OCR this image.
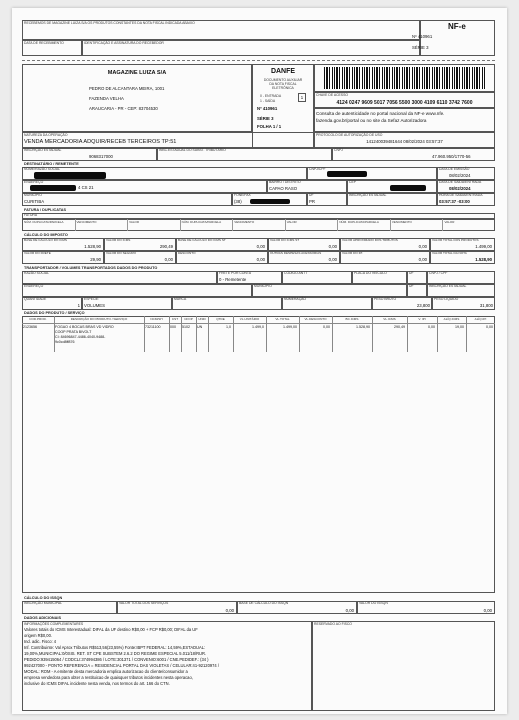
RECEBEMOS DE MAGAZINE LUIZA S/A OS PRODUTOS CONSTANTES DA NOTA FISCAL INDICADA ABAIXO
DATA DE RECEBIMENTO	IDENTIFICAÇÃO E ASSINATURA DO RECEBEDOR
NF-e
Nº 410961
SÉRIE 3
MAGAZINE LUIZA S/A
PEDRO DE ALCANTARA MEIRA, 1001
FAZENDA VELHA
ARAUCARIA - PR - CEP: 83704530
DANFE
DOCUMENTO AUXILIAR
DA NOTA FISCAL
ELETRÔNICA
0 - ENTRADA
1 - SAÍDA
1
Nº 410961
SÉRIE 3
FOLHA 1 / 1
CHAVE DE ACESSO
4124 0247 9609 5017 7056 5500 3000 4109 6110 3742 7600
Consulta de autenticidade no portal nacional da NF-e www.nfe.
fazenda.gov.br/portal ou no site da Sefaz Autorizadora
NATUREZA DA OPERAÇÃO
VENDA MERCADORIA ADQUIR/RECEB TERCEIROS TP:51
PROTOCOLO DE AUTORIZAÇÃO DE USO
141240039481644 08/02/2024 03:57:37
INSCRIÇÃO ESTADUAL
9068317000
INSC.ESTADUAL DO SUBST. TRIBUTÁRIO	CNPJ
47.960.950/1770-56
DESTINATÁRIO / REMETENTE
NOME/RAZÃO SOCIAL	CNPJ/CPF	DATA DE EMISSÃO
08/02/2024
ENDEREÇO
4 CS 21
BAIRRO / DISTRITO
CAPAO RASO
CEP	DATA DE SAÍDA/ENTRADA
08/02/2024
MUNICÍPIO
CURITIBA
FONE/FAX
(38)
UF
PR
INSCRIÇÃO ESTADUAL	HORA DE SAÍDA/ENTRADA
03:57:37 -03:00
FATURA / DUPLICATAS
FATURA
CÁLCULO DO IMPOSTO
TRANSPORTADOR / VOLUMES TRANSPORTADOS DADOS DO PRODUTO
RAZÃO SOCIAL	FRETE POR CONTA
0 - Remetente
CÓDIGO ANTT	PLACA DO VEÍCULO	UF	CNPJ / CPF
ENDEREÇO	MUNICÍPIO	UF	INSCRIÇÃO ESTADUAL
QUANTIDADE
1
ESPÉCIE
VOLUMES
MARCA	NUMERAÇÃO	PESO BRUTO
23,800
PESO LÍQUIDO
31,800
DADOS DO PRODUTO / SERVIÇO
CÁLCULO DO ISSQN
DADOS ADICIONAIS
INFORMAÇÕES COMPLEMENTARES	RESERVADO AO FISCO
NÚM. DUPLICATA/PARCELA	VENCIMENTO	VALOR	NÚM. DUPLICATA/PARCELA	VENCIMENTO	VALOR	NÚM. DUPLICATA/PARCELA	VENCIMENTO	VALOR
BASE DE CÁLCULO DO ICMS
1.528,90
VALOR DO ICMS
290,49
BASE DE CÁLCULO DO ICMS ST
0,00
VALOR DO ICMS ST
0,00
VALOR APROXIMADO DOS TRIBUTOS
0,00
VALOR TOTAL DOS PRODUTOS
1.499,00
VALOR DO FRETE
29,90
VALOR DO SEGURO
0,00
DESCONTO
0,00
OUTRAS DESPESAS ACESSÓRIAS
0,00
VALOR DO IPI
0,00
VALOR TOTAL DA NOTA
1.528,90
COD.PROD.	DESCRIÇÃO DO PRODUTO / SERVIÇO	NCM/SH	CST	CFOP	UNID	QTDE	VL.UNITÁRIO	VL.TOTAL	VL.DESCONTO	BC.ICMS	VL.ICMS	V. IPI	ALÍQ.ICMS	ALÍQ.IPI
2123656	FOGAO 4 BOCAS BRAS VD VIDRO
COOP PRATA BIVOLT
CI: 84696847-4486-4040-9488-
9c0cd8ff876
73211100	000	5102	UN	1,0	1.499,0	1.499,00	0,00	1.528,90	290,49	0,00	19,00	0,00
INSCRIÇÃO MUNICIPAL	VALOR TOTAL DOS SERVIÇOS
0,00
BASE DE CÁLCULO DO ISSQN
0,00
VALOR DO ISSQN
0,00
Valores totais do ICMS Interestadual: DIFAL da UF destino R$0,00 + FCP R$0,00; DIFAL da UF
origem R$0,00.
Ind. adic. Fisco: 4
Inf. Contribuinte: Val Aprox Tributos R$513,56(23,55%) Fonte:IBPT FEDERAL: 14,59%,ESTADUAL:
19,00%,MUNICIPAL:0/0SIS. RET. ST CPE SUBSTEM 2.6.2 DO REGIME ESPECIAL 5.011/18/RUR.
PEDIDO:939415064 / CODCLI:374994386 / LOTE:301371 / CONVENIO:6001 / CNE.PEDIDEF.: (34 )
992427000 - PONTO REFERENCIA = RESIDENCIAL PORTAL DAS VIOLETAS / CELULAR:41-92120974 /
MODAL: ROM - A emitente desta mercadoria emplica autorizacao do cliente/consumidor a
empresa vendedora para obter a restituicao de quaisquer tributos incidentes nesta operacao,
inclusive do ICMS DIFAL incidente nesta venda, nos termos do art. 166 do CTN.
